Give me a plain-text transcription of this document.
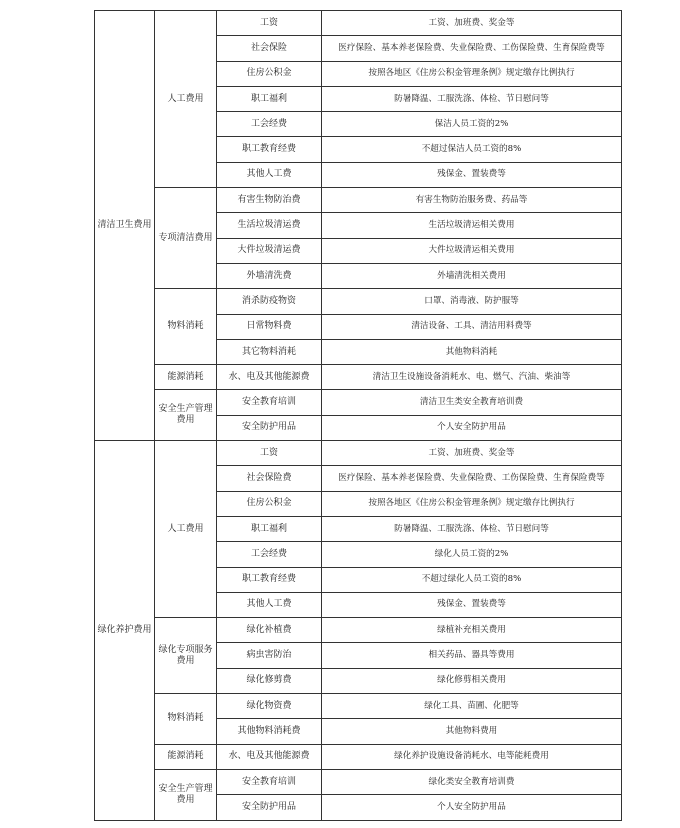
清洁卫生费用	人工费用	工资	工资、加班费、奖金等
		社会保险	医疗保险、基本养老保险费、失业保险费、工伤保险费、生育保险费等
		住房公积金	按照各地区《住房公积金管理条例》规定缴存比例执行
		职工福利	防暑降温、工服洗涤、体检、节日慰问等
		工会经费	保洁人员工资的2%
		职工教育经费	不超过保洁人员工资的8%
		其他人工费	残保金、置装费等
	专项清洁费用	有害生物防治费	有害生物防治服务费、药品等
		生活垃圾清运费	生活垃圾清运相关费用
		大件垃圾清运费	大件垃圾清运相关费用
		外墙清洗费	外墙清洗相关费用
	物料消耗	消杀防疫物资	口罩、消毒液、防护服等
		日常物料费	清洁设备、工具、清洁用料费等
		其它物料消耗	其他物料消耗
	能源消耗	水、电及其他能源费	清洁卫生设施设备消耗水、电、燃气、汽油、柴油等
	安全生产管理费用	安全教育培训	清洁卫生类安全教育培训费
		安全防护用品	个人安全防护用品
绿化养护费用	人工费用	工资	工资、加班费、奖金等
		社会保险费	医疗保险、基本养老保险费、失业保险费、工伤保险费、生育保险费等
		住房公积金	按照各地区《住房公积金管理条例》规定缴存比例执行
		职工福利	防暑降温、工服洗涤、体检、节日慰问等
		工会经费	绿化人员工资的2%
		职工教育经费	不超过绿化人员工资的8%
		其他人工费	残保金、置装费等
	绿化专项服务费用	绿化补植费	绿植补充相关费用
		病虫害防治	相关药品、器具等费用
		绿化修剪费	绿化修剪相关费用
	物料消耗	绿化物资费	绿化工具、苗圃、化肥等
		其他物料消耗费	其他物料费用
	能源消耗	水、电及其他能源费	绿化养护设施设备消耗水、电等能耗费用
	安全生产管理费用	安全教育培训	绿化类安全教育培训费
		安全防护用品	个人安全防护用品
